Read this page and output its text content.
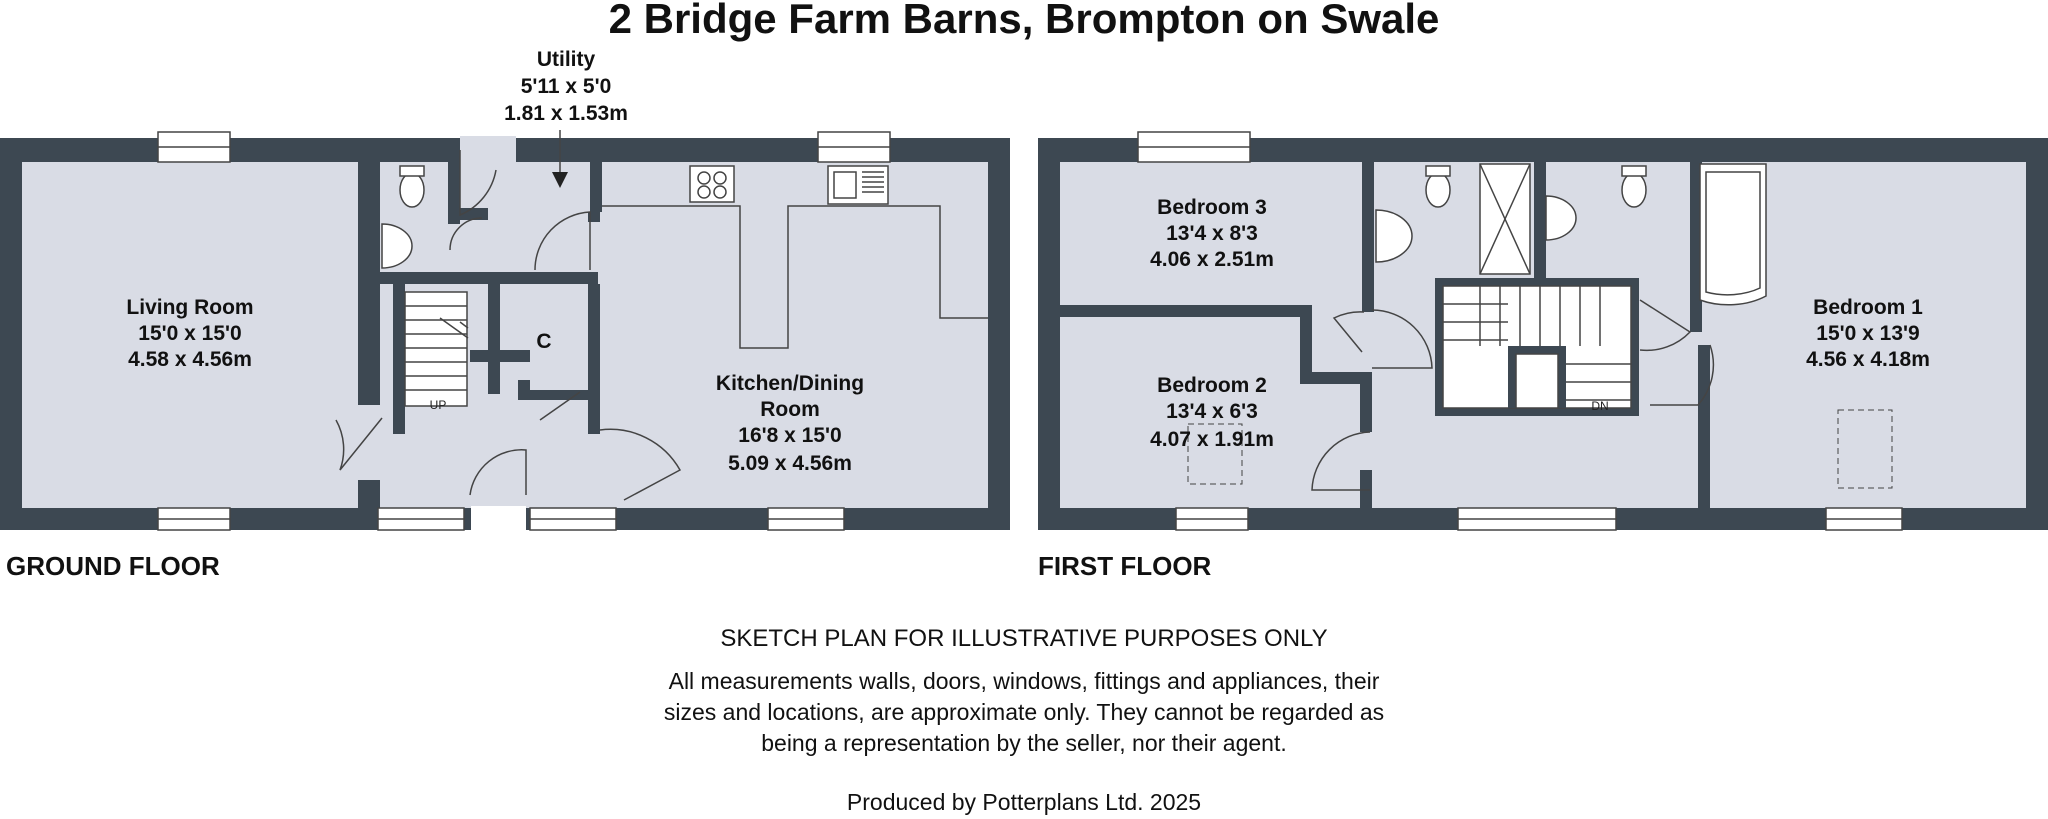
2 Bridge Farm Barns, Brompton on Swale
Living Room
15'0 x 15'0
4.58 x 4.56m
Utility
5'11 x 5'0
1.81 x 1.53m
Kitchen/Dining
Room
16'8 x 15'0
5.09 x 4.56m
C
UP
GROUND FLOOR
DN
Bedroom 3
13'4 x 8'3
4.06 x 2.51m
Bedroom 2
13'4 x 6'3
4.07 x 1.91m
Bedroom 1
15'0 x 13'9
4.56 x 4.18m
FIRST FLOOR
SKETCH PLAN FOR ILLUSTRATIVE PURPOSES ONLY
All measurements walls, doors, windows, fittings and appliances, their
sizes and locations, are approximate only. They cannot be regarded as
being a representation by the seller, nor their agent.
Produced by Potterplans Ltd. 2025
